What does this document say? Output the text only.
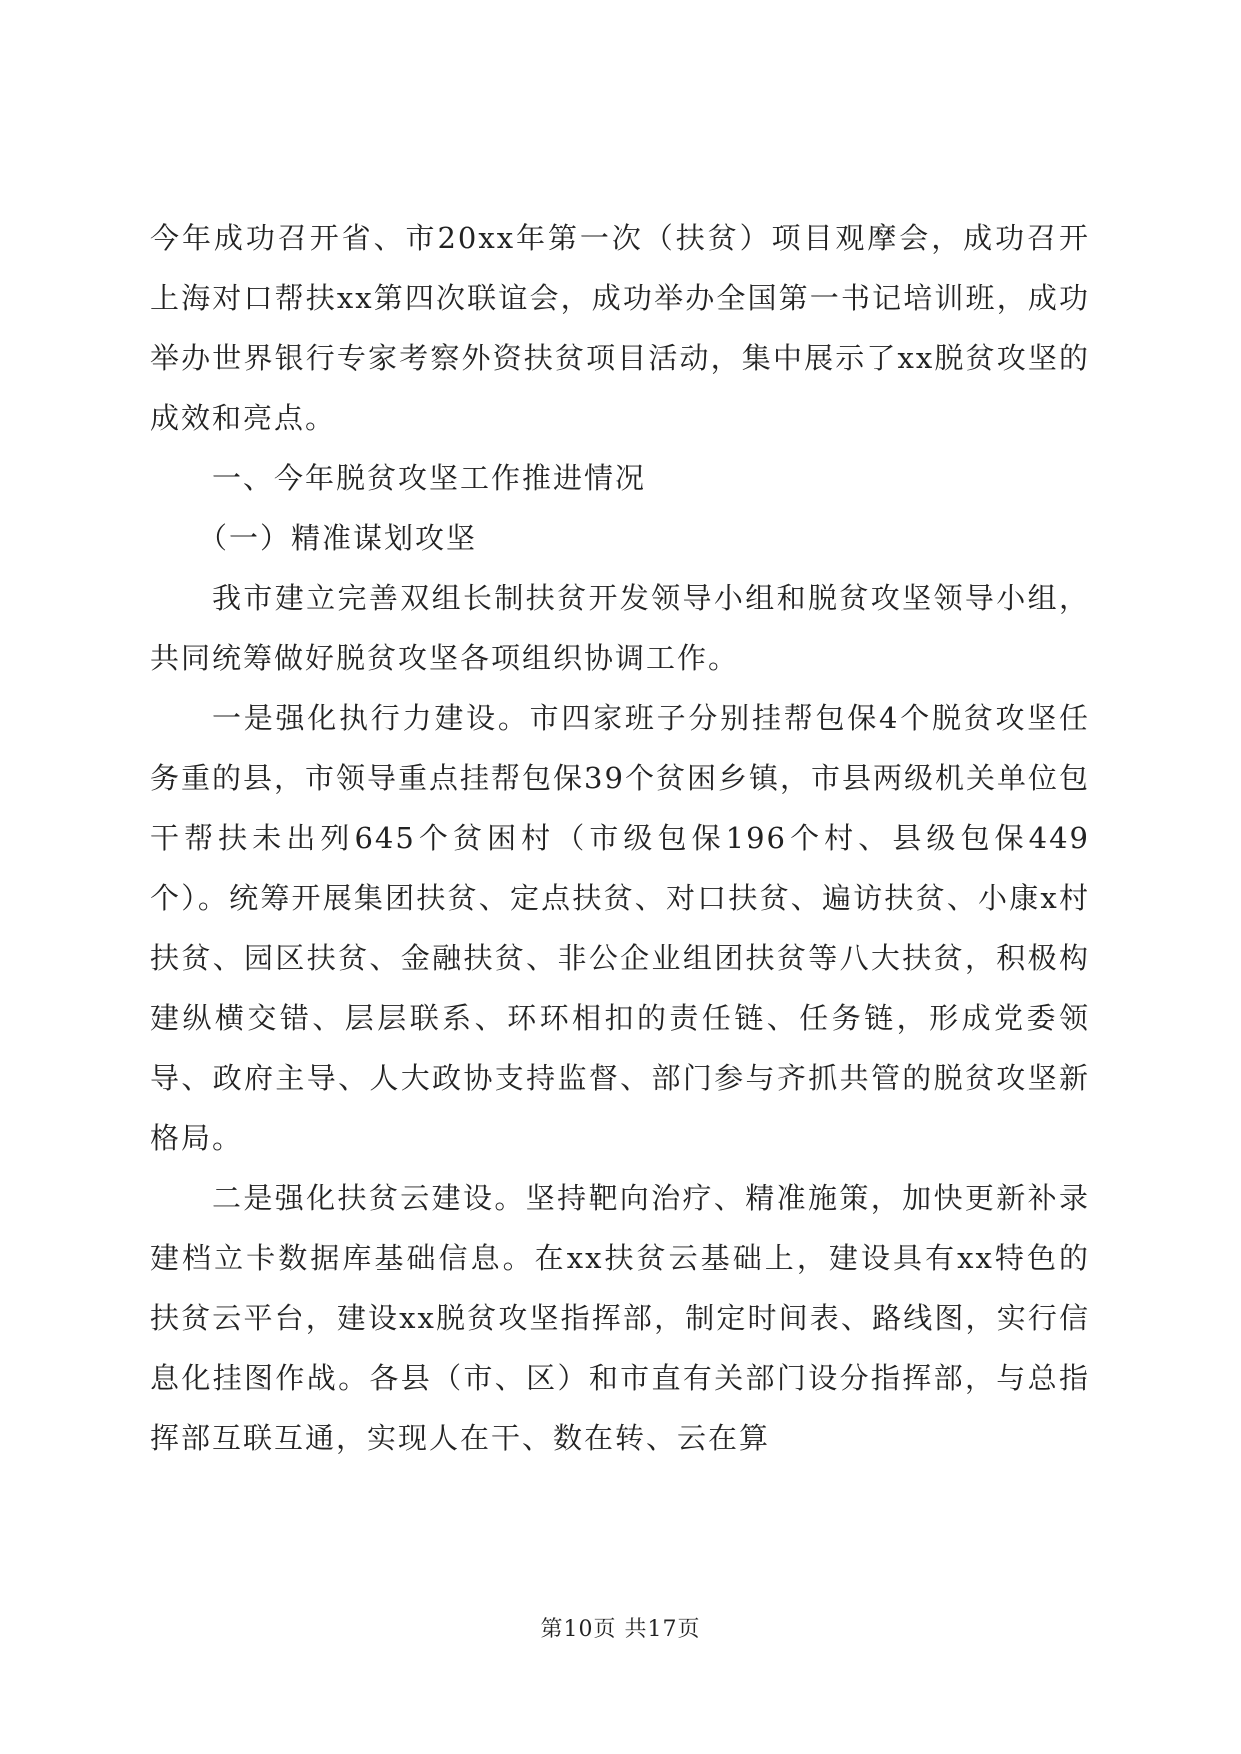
今年成功召开省、市20xx年第一次（扶贫）项目观摩会，成功召开上海对口帮扶xx第四次联谊会，成功举办全国第一书记培训班，成功举办世界银行专家考察外资扶贫项目活动，集中展示了xx脱贫攻坚的成效和亮点。

一、今年脱贫攻坚工作推进情况

（一）精准谋划攻坚

我市建立完善双组长制扶贫开发领导小组和脱贫攻坚领导小组，共同统筹做好脱贫攻坚各项组织协调工作。

一是强化执行力建设。市四家班子分别挂帮包保4个脱贫攻坚任务重的县，市领导重点挂帮包保39个贫困乡镇，市县两级机关单位包干帮扶未出列645个贫困村（市级包保196个村、县级包保449个）。统筹开展集团扶贫、定点扶贫、对口扶贫、遍访扶贫、小康x村扶贫、园区扶贫、金融扶贫、非公企业组团扶贫等八大扶贫，积极构建纵横交错、层层联系、环环相扣的责任链、任务链，形成党委领导、政府主导、人大政协支持监督、部门参与齐抓共管的脱贫攻坚新格局。

二是强化扶贫云建设。坚持靶向治疗、精准施策，加快更新补录建档立卡数据库基础信息。在xx扶贫云基础上，建设具有xx特色的扶贫云平台，建设xx脱贫攻坚指挥部，制定时间表、路线图，实行信息化挂图作战。各县（市、区）和市直有关部门设分指挥部，与总指挥部互联互通，实现人在干、数在转、云在算

第10页 共17页
